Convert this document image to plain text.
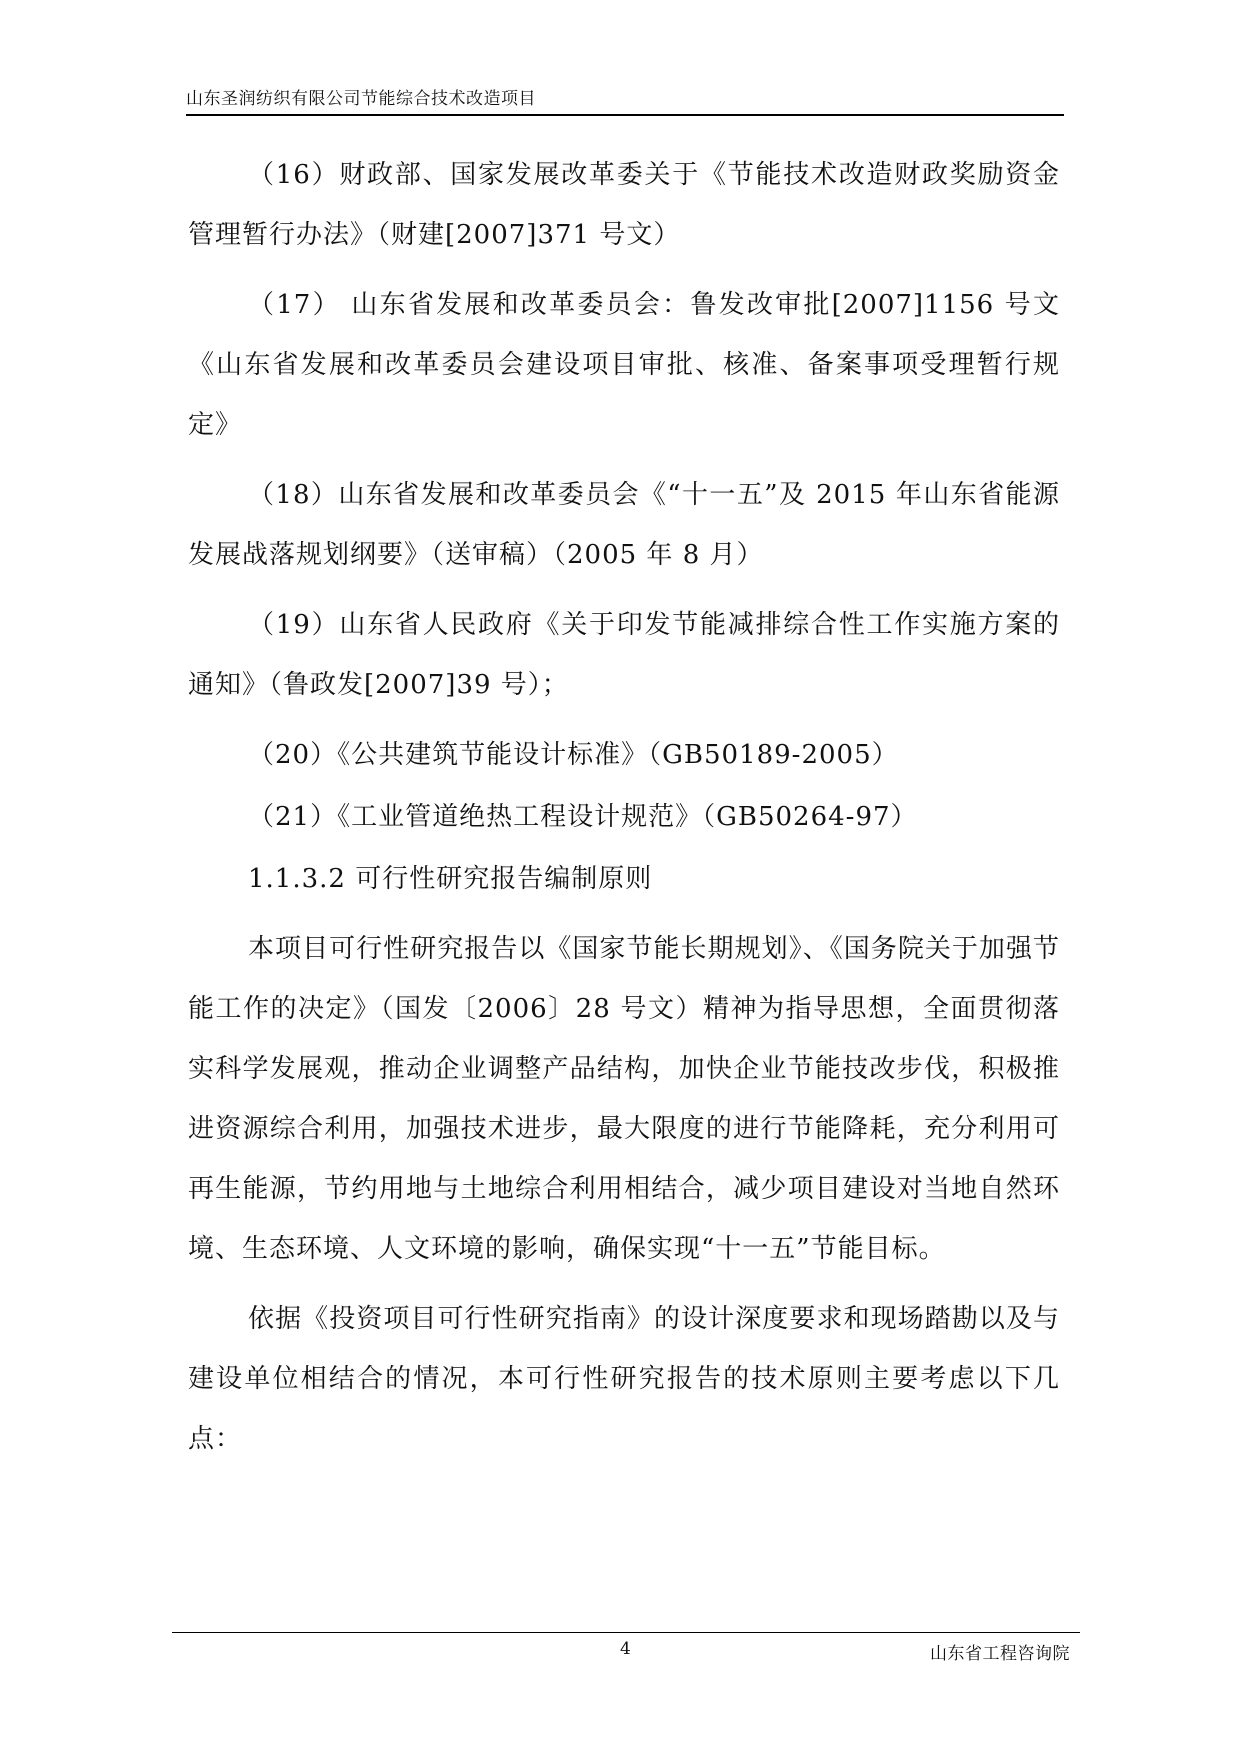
山东圣润纺织有限公司节能综合技术改造项目

（16）财政部、国家发展改革委关于《节能技术改造财政奖励资金管理暂行办法》（财建[2007]371 号文）

（17） 山东省发展和改革委员会：鲁发改审批[2007]1156 号文《山东省发展和改革委员会建设项目审批、核准、备案事项受理暂行规定》

（18）山东省发展和改革委员会《“十一五”及 2015 年山东省能源发展战落规划纲要》（送审稿）（2005 年 8 月）

（19）山东省人民政府《关于印发节能减排综合性工作实施方案的通知》（鲁政发[2007]39 号）；

（20）《公共建筑节能设计标准》（GB50189-2005）

（21）《工业管道绝热工程设计规范》（GB50264-97）

1.1.3.2 可行性研究报告编制原则

本项目可行性研究报告以《国家节能长期规划》、《国务院关于加强节能工作的决定》（国发〔2006〕28 号文）精神为指导思想，全面贯彻落实科学发展观，推动企业调整产品结构，加快企业节能技改步伐，积极推进资源综合利用，加强技术进步，最大限度的进行节能降耗，充分利用可再生能源，节约用地与土地综合利用相结合，减少项目建设对当地自然环境、生态环境、人文环境的影响，确保实现“十一五”节能目标。

依据《投资项目可行性研究指南》的设计深度要求和现场踏勘以及与建设单位相结合的情况，本可行性研究报告的技术原则主要考虑以下几点：

4	山东省工程咨询院
